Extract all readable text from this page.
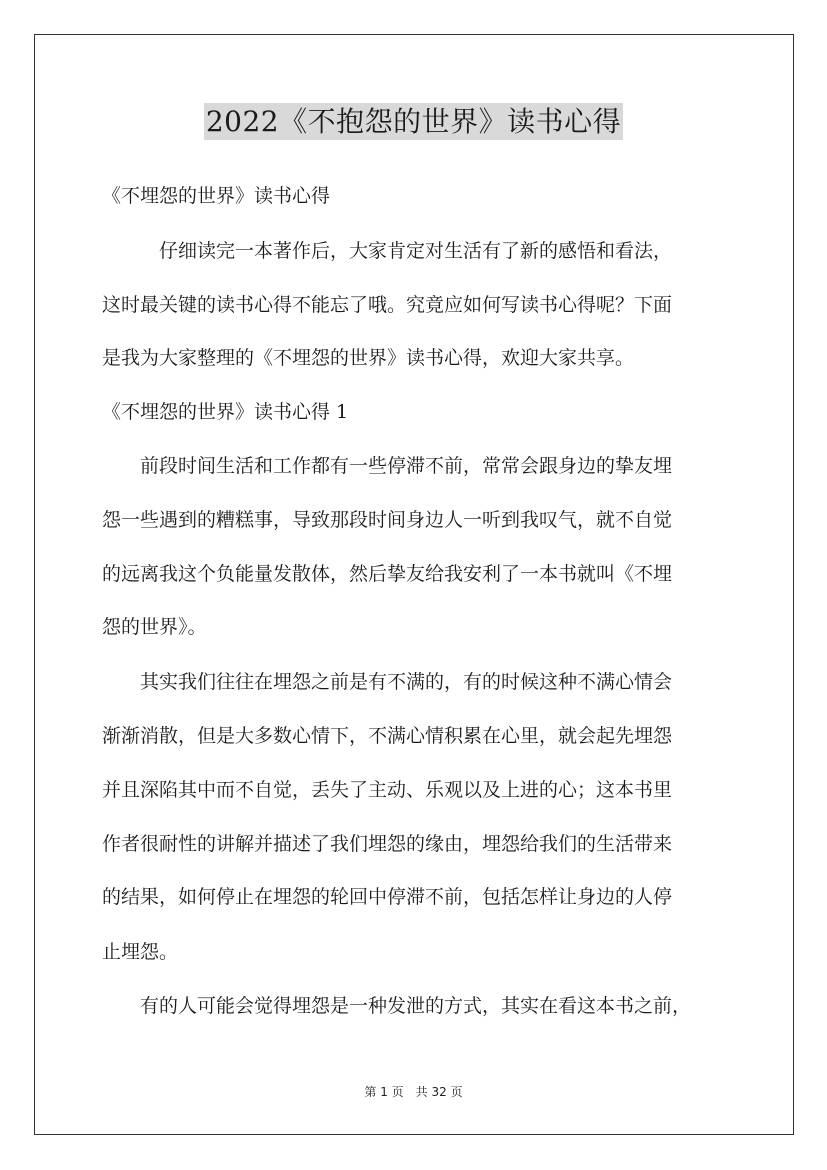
2022《不抱怨的世界》读书心得
《不埋怨的世界》读书心得
　　　仔细读完一本著作后，大家肯定对生活有了新的感悟和看法，
这时最关键的读书心得不能忘了哦。究竟应如何写读书心得呢？下面
是我为大家整理的《不埋怨的世界》读书心得，欢迎大家共享。
《不埋怨的世界》读书心得 1
　　前段时间生活和工作都有一些停滞不前，常常会跟身边的挚友埋
怨一些遇到的糟糕事，导致那段时间身边人一听到我叹气，就不自觉
的远离我这个负能量发散体，然后挚友给我安利了一本书就叫《不埋
怨的世界》。
　　其实我们往往在埋怨之前是有不满的，有的时候这种不满心情会
渐渐消散，但是大多数心情下，不满心情积累在心里，就会起先埋怨
并且深陷其中而不自觉，丢失了主动、乐观以及上进的心；这本书里
作者很耐性的讲解并描述了我们埋怨的缘由，埋怨给我们的生活带来
的结果，如何停止在埋怨的轮回中停滞不前，包括怎样让身边的人停
止埋怨。
　　有的人可能会觉得埋怨是一种发泄的方式，其实在看这本书之前，
第 1 页　共 32 页
